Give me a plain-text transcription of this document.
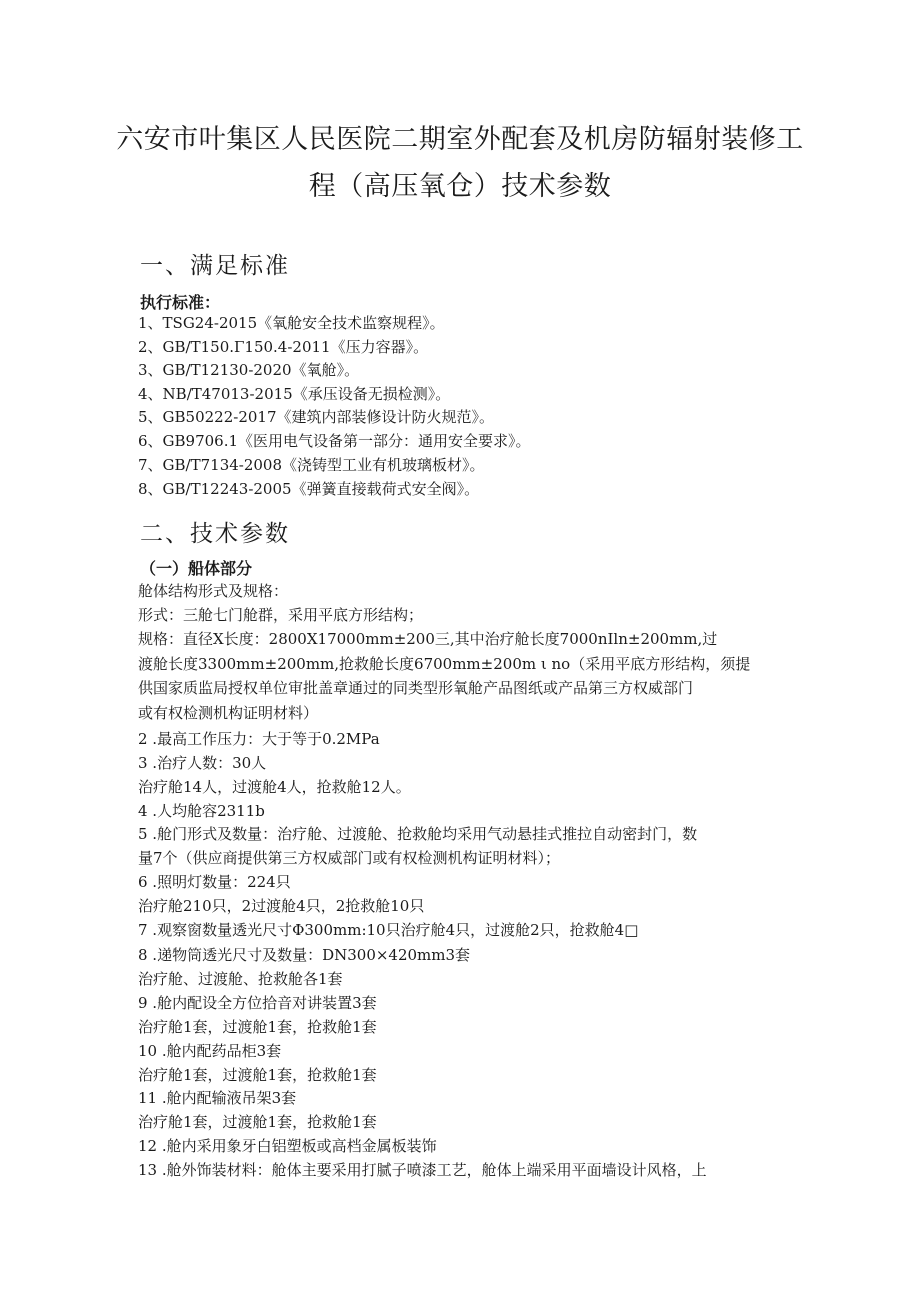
六安市叶集区人民医院二期室外配套及机房防辐射装修工
程（高压氧仓）技术参数
一、满足标准
执行标准：

1、TSG24-2015《氧舱安全技术监察规程》。

2、GB/T150.Γ150.4-2011《压力容器》。

3、GB/T12130-2020《氧舱》。

4、NB/T47013-2015《承压设备无损检测》。

5、GB50222-2017《建筑内部装修设计防火规范》。

6、GB9706.1《医用电气设备第一部分：通用安全要求》。

7、GB/T7134-2008《浇铸型工业有机玻璃板材》。

8、GB/T12243-2005《弹簧直接载荷式安全阀》。

二、技术参数
（一）船体部分

舱体结构形式及规格：

形式：三舱七门舱群，采用平底方形结构；

规格：直径X长度：2800X17000mm±200三,其中治疗舱长度7000nIln±200mm,过

渡舱长度3300mm±200mm,抢救舱长度6700mm±200m ι no（采用平底方形结构，须提

供国家质监局授权单位审批盖章通过的同类型形氧舱产品图纸或产品第三方权威部门

或有权检测机构证明材料）

2 .最高工作压力：大于等于0.2MPa

3 .治疗人数：30人

治疗舱14人，过渡舱4人，抢救舱12人。

4 .人均舱容2311b

5 .舱门形式及数量：治疗舱、过渡舱、抢救舱均采用气动悬挂式推拉自动密封门，数

量7个（供应商提供第三方权威部门或有权检测机构证明材料）；

6 .照明灯数量：224只

治疗舱210只，2过渡舱4只，2抢救舱10只

7 .观察窗数量透光尺寸Φ300mm:10只治疗舱4只，过渡舱2只，抢救舱4□

8 .递物筒透光尺寸及数量：DN300×420mm3套

治疗舱、过渡舱、抢救舱各1套

9 .舱内配设全方位拾音对讲装置3套

治疗舱1套，过渡舱1套，抢救舱1套

10 .舱内配药品柜3套

治疗舱1套，过渡舱1套，抢救舱1套

11 .舱内配输液吊架3套

治疗舱1套，过渡舱1套，抢救舱1套

12 .舱内采用象牙白铝塑板或高档金属板装饰

13 .舱外饰装材料：舱体主要采用打腻子喷漆工艺，舱体上端采用平面墙设计风格，上
